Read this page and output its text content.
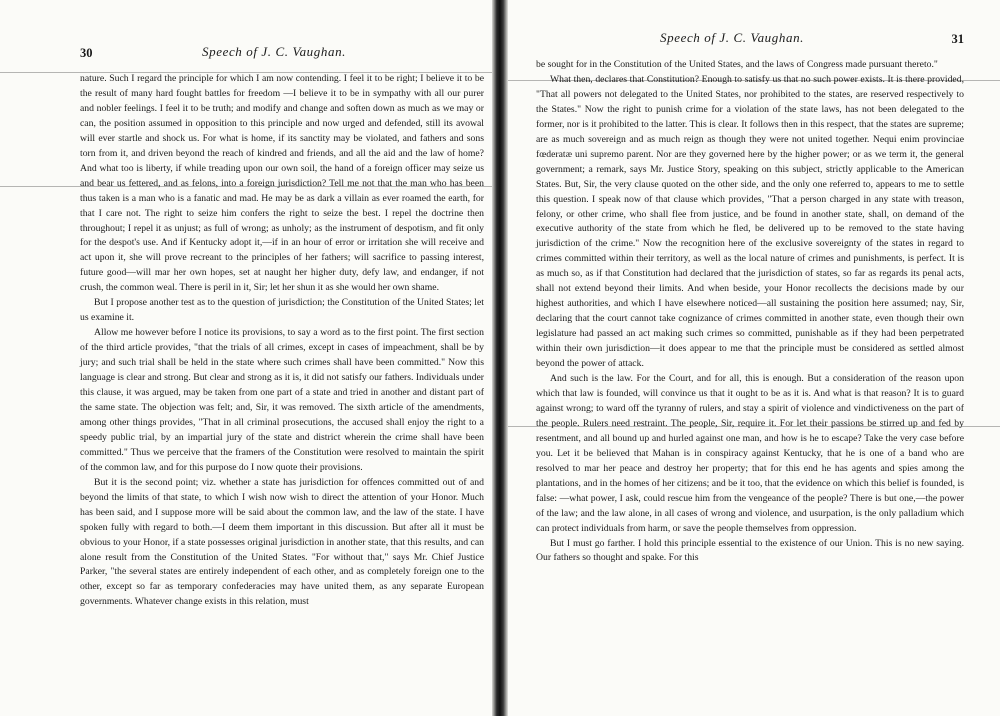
30	Speech of J. C. Vaughan.

nature. Such I regard the principle for which I am now contending. I feel it to be right; I believe it to be the result of many hard fought battles for freedom —I believe it to be in sympathy with all our purer and nobler feelings. I feel it to be truth; and modify and change and soften down as much as we may or can, the position assumed in opposition to this principle and now urged and defended, still its avowal will ever startle and shock us. For what is home, if its sanctity may be violated, and fathers and sons torn from it, and driven beyond the reach of kindred and friends, and all the aid and the law of home? And what too is liberty, if while treading upon our own soil, the hand of a foreign officer may seize us and bear us fettered, and as felons, into a foreign jurisdiction? Tell me not that the man who has been thus taken is a man who is a fanatic and mad. He may be as dark a villain as ever roamed the earth, for that I care not. The right to seize him confers the right to seize the best. I repel the doctrine then throughout; I repel it as unjust; as full of wrong; as unholy; as the instrument of despotism, and fit only for the despot's use. And if Kentucky adopt it,—if in an hour of error or irritation she will receive and act upon it, she will prove recreant to the principles of her fathers; will sacrifice to passing interest, future good—will mar her own hopes, set at naught her higher duty, defy law, and endanger, if not crush, the common weal. There is peril in it, Sir; let her shun it as she would her own shame.

But I propose another test as to the question of jurisdiction; the Constitution of the United States; let us examine it.

Allow me however before I notice its provisions, to say a word as to the first point. The first section of the third article provides, "that the trials of all crimes, except in cases of impeachment, shall be by jury; and such trial shall be held in the state where such crimes shall have been committed." Now this language is clear and strong. But clear and strong as it is, it did not satisfy our fathers. Individuals under this clause, it was argued, may be taken from one part of a state and tried in another and distant part of the same state. The objection was felt; and, Sir, it was removed. The sixth article of the amendments, among other things provides, "That in all criminal prosecutions, the accused shall enjoy the right to a speedy public trial, by an impartial jury of the state and district wherein the crime shall have been committed." Thus we perceive that the framers of the Constitution were resolved to maintain the spirit of the common law, and for this purpose do I now quote their provisions.

But it is the second point; viz. whether a state has jurisdiction for offences committed out of and beyond the limits of that state, to which I wish now wish to direct the attention of your Honor. Much has been said, and I suppose more will be said about the common law, and the law of the state. I have spoken fully with regard to both.—I deem them important in this discussion. But after all it must be obvious to your Honor, if a state possesses original jurisdiction in another state, that this results, and can alone result from the Constitution of the United States. "For without that," says Mr. Chief Justice Parker, "the several states are entirely independent of each other, and as completely foreign one to the other, except so far as temporary confederacies may have united them, as any separate European governments. Whatever change exists in this relation, must

Speech of J. C. Vaughan.	31

be sought for in the Constitution of the United States, and the laws of Congress made pursuant thereto."

What then, declares that Constitution? Enough to satisfy us that no such power exists. It is there provided, "That all powers not delegated to the United States, nor prohibited to the states, are reserved respectively to the States." Now the right to punish crime for a violation of the state laws, has not been delegated to the former, nor is it prohibited to the latter. This is clear. It follows then in this respect, that the states are supreme; are as much sovereign and as much reign as though they were not united together. Nequi enim provinciae fœderatæ uni supremo parent. Nor are they governed here by the higher power; or as we term it, the general government; a remark, says Mr. Justice Story, speaking on this subject, strictly applicable to the American States. But, Sir, the very clause quoted on the other side, and the only one referred to, appears to me to settle this question. I speak now of that clause which provides, "That a person charged in any state with treason, felony, or other crime, who shall flee from justice, and be found in another state, shall, on demand of the executive authority of the state from which he fled, be delivered up to be removed to the state having jurisdiction of the crime." Now the recognition here of the exclusive sovereignty of the states in regard to crimes committed within their territory, as well as the local nature of crimes and punishments, is perfect. It is as much so, as if that Constitution had declared that the jurisdiction of states, so far as regards its penal acts, shall not extend beyond their limits. And when beside, your Honor recollects the decisions made by our highest authorities, and which I have elsewhere noticed—all sustaining the position here assumed; nay, Sir, declaring that the court cannot take cognizance of crimes committed in another state, even though their own legislature had passed an act making such crimes so committed, punishable as if they had been perpetrated within their own jurisdiction—it does appear to me that the principle must be considered as settled almost beyond the power of attack.

And such is the law. For the Court, and for all, this is enough. But a consideration of the reason upon which that law is founded, will convince us that it ought to be as it is. And what is that reason? It is to guard against wrong; to ward off the tyranny of rulers, and stay a spirit of violence and vindictiveness on the part of the people. Rulers need restraint. The people, Sir, require it. For let their passions be stirred up and fed by resentment, and all bound up and hurled against one man, and how is he to escape? Take the very case before you. Let it be believed that Mahan is in conspiracy against Kentucky, that he is one of a band who are resolved to mar her peace and destroy her property; that for this end he has agents and spies among the plantations, and in the homes of her citizens; and be it too, that the evidence on which this belief is founded, is false: —what power, I ask, could rescue him from the vengeance of the people? There is but one,—the power of the law; and the law alone, in all cases of wrong and violence, and usurpation, is the only palladium which can protect individuals from harm, or save the people themselves from oppression.

But I must go farther. I hold this principle essential to the existence of our Union. This is no new saying. Our fathers so thought and spake. For this
